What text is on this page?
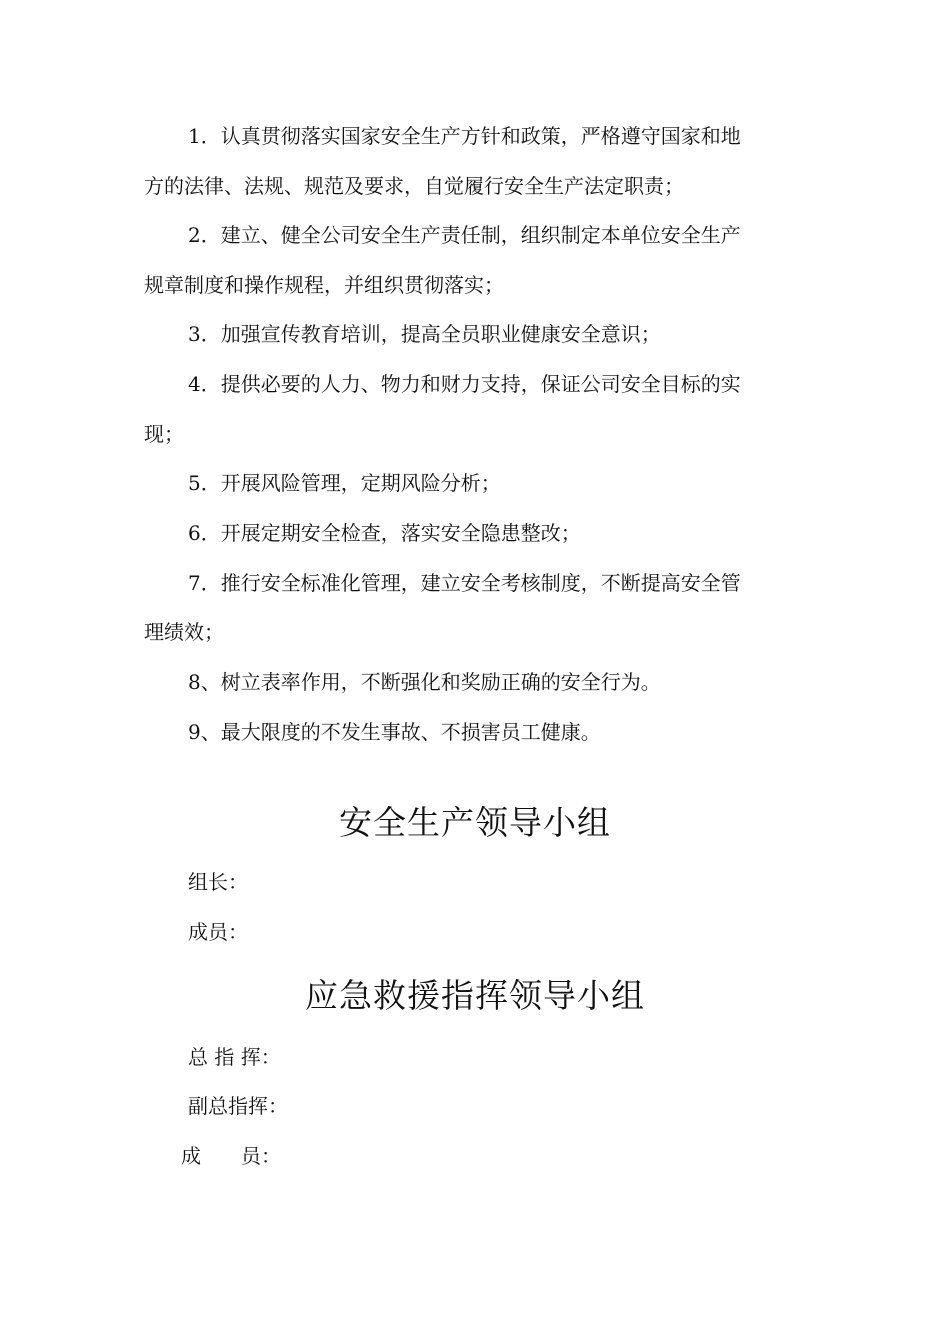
1．认真贯彻落实国家安全生产方针和政策，严格遵守国家和地
方的法律、法规、规范及要求，自觉履行安全生产法定职责；
2．建立、健全公司安全生产责任制，组织制定本单位安全生产
规章制度和操作规程，并组织贯彻落实；
3．加强宣传教育培训，提高全员职业健康安全意识；
4．提供必要的人力、物力和财力支持，保证公司安全目标的实
现；
5．开展风险管理，定期风险分析；
6．开展定期安全检查，落实安全隐患整改；
7．推行安全标准化管理，建立安全考核制度，不断提高安全管
理绩效；
8、树立表率作用，不断强化和奖励正确的安全行为。
9、最大限度的不发生事故、不损害员工健康。
安全生产领导小组
组长：
成员：
应急救援指挥领导小组
总 指 挥：
副总指挥：
成　　员：
